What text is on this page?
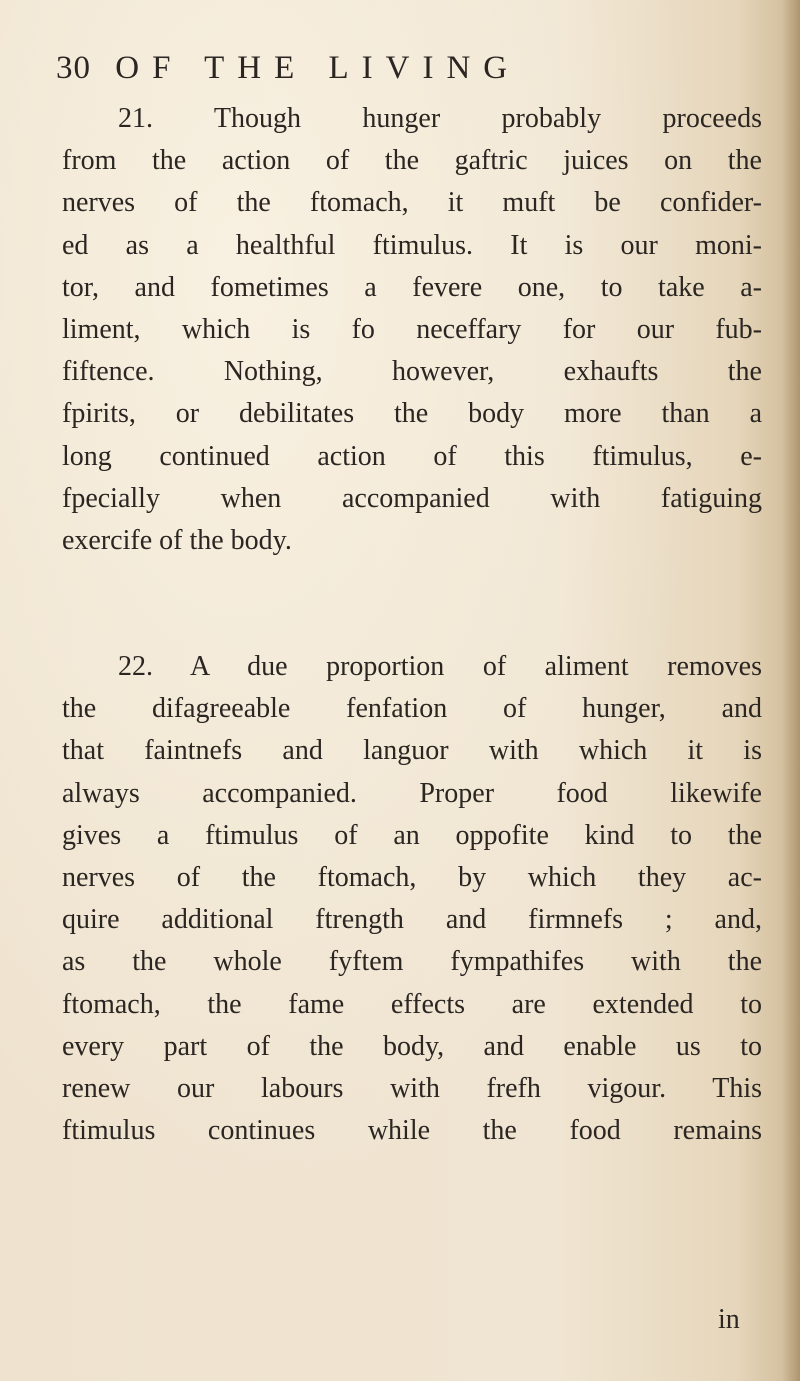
30 OF THE LIVING

21. Though hunger probably proceeds
from the action of the gaftric juices on the
nerves of the ftomach, it muft be confider-
ed as a healthful ftimulus. It is our moni-
tor, and fometimes a fevere one, to take a-
liment, which is fo neceffary for our fub-
fiftence. Nothing, however, exhaufts the
fpirits, or debilitates the body more than a
long continued action of this ftimulus, e-
fpecially when accompanied with fatiguing
exercife of the body.

22. A due proportion of aliment removes
the difagreeable fenfation of hunger, and
that faintnefs and languor with which it is
always accompanied. Proper food likewife
gives a ftimulus of an oppofite kind to the
nerves of the ftomach, by which they ac-
quire additional ftrength and firmnefs ; and,
as the whole fyftem fympathifes with the
ftomach, the fame effects are extended to
every part of the body, and enable us to
renew our labours with frefh vigour. This
ftimulus continues while the food remains

in
